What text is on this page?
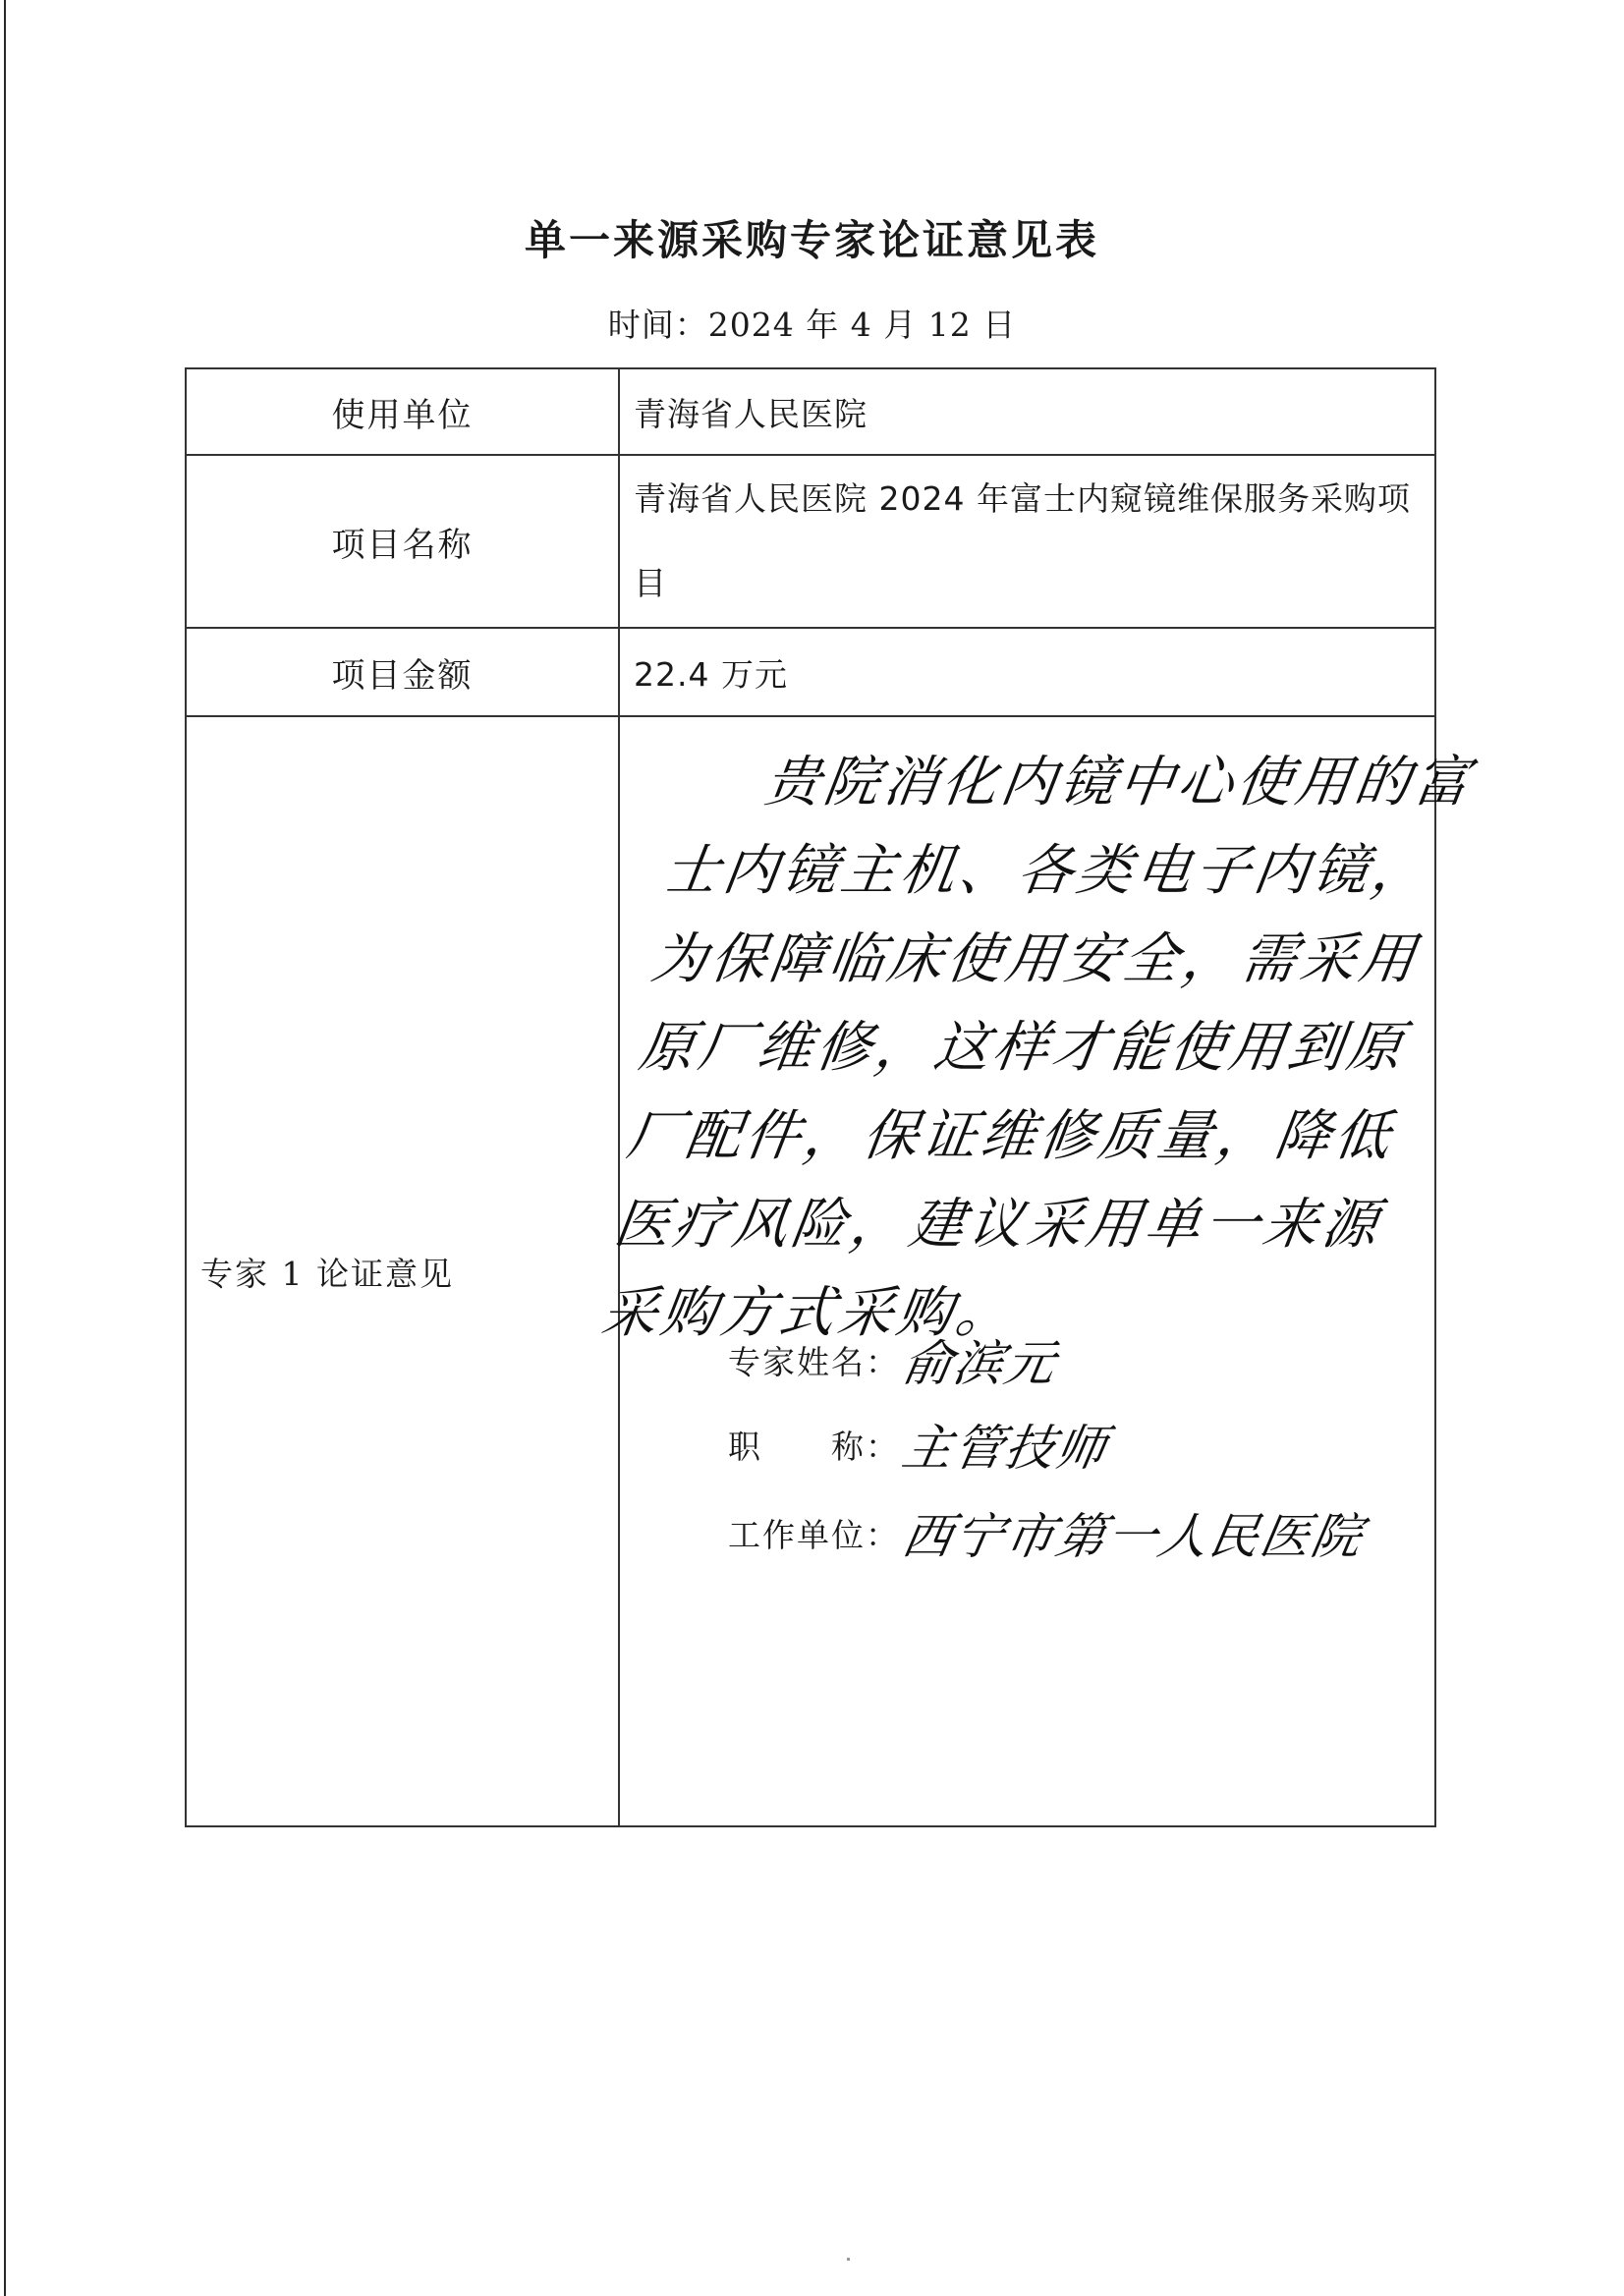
单一来源采购专家论证意见表
时间：2024 年 4 月 12 日
使用单位	青海省人民医院
项目名称	青海省人民医院 2024 年富士内窥镜维保服务采购项目
项目金额	22.4 万元
专家 1 论证意见	贵院消化内镜中心使用的富士内镜主机、各类电子内镜，为保障临床使用安全，需采用原厂维修，这样才能使用到原厂配件，保证维修质量，降低医疗风险，建议采用单一来源采购方式采购。

专家姓名：俞滨元
职　　称：主管技师
工作单位：西宁市第一人民医院
